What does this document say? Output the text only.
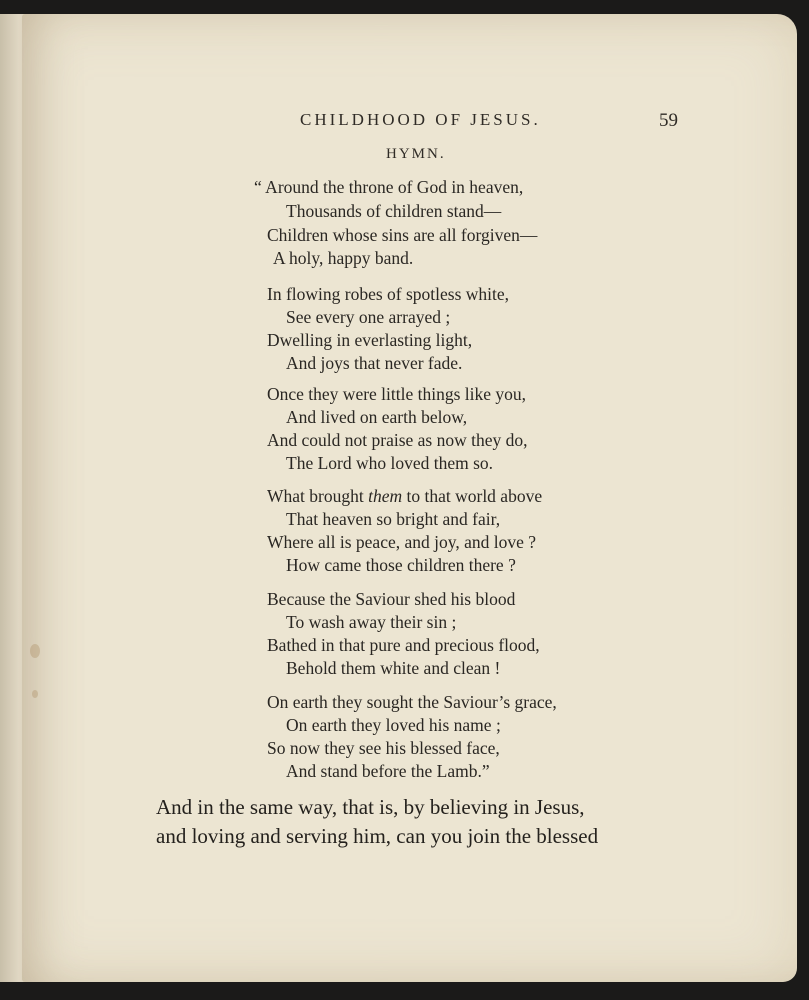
CHILDHOOD OF JESUS.	59
HYMN.
“ Around the throne of God in heaven,
Thousands of children stand—
Children whose sins are all forgiven—
A holy, happy band.
In flowing robes of spotless white,
See every one arrayed ;
Dwelling in everlasting light,
And joys that never fade.
Once they were little things like you,
And lived on earth below,
And could not praise as now they do,
The Lord who loved them so.
What brought them to that world above
That heaven so bright and fair,
Where all is peace, and joy, and love ?
How came those children there ?
Because the Saviour shed his blood
To wash away their sin ;
Bathed in that pure and precious flood,
Behold them white and clean !
On earth they sought the Saviour’s grace,
On earth they loved his name ;
So now they see his blessed face,
And stand before the Lamb.”
And in the same way, that is, by believing in Jesus,
and loving and serving him, can you join the blessed
